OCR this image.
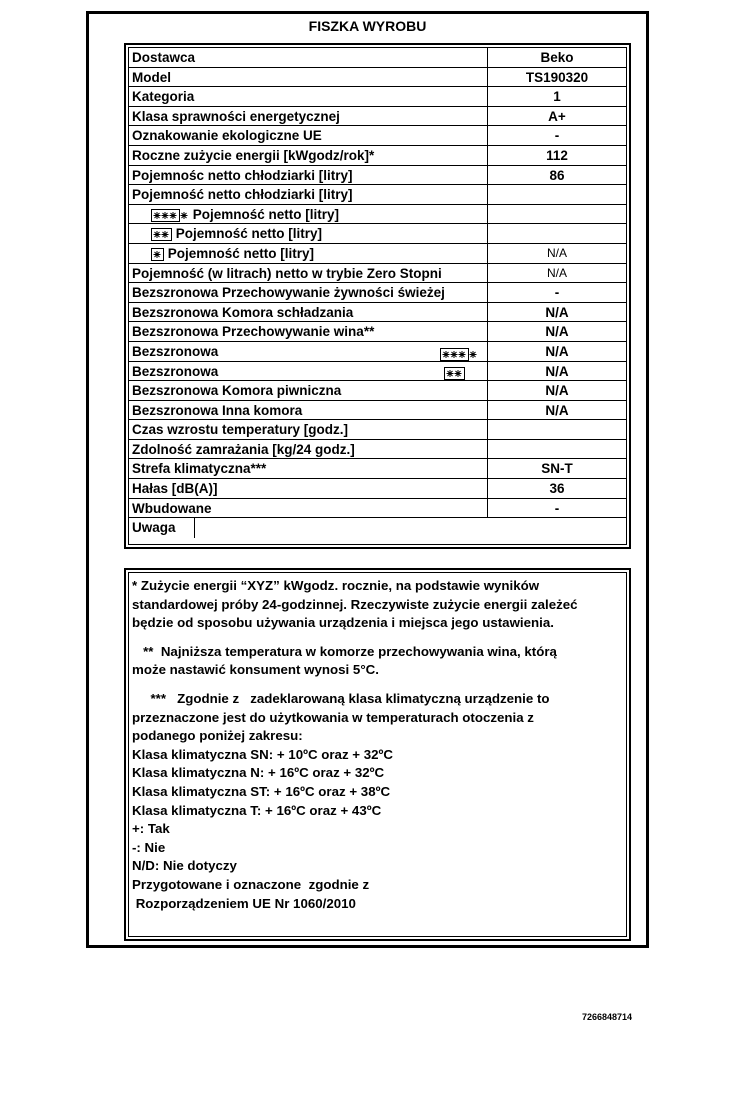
FISZKA WYROBU
Dostawca	Beko
Model	TS190320
Kategoria	1
Klasa sprawności energetycznej	A+
Oznakowanie ekologiczne UE	-
Roczne zużycie energii [kWgodz/rok]*	112
Pojemnośc netto chłodziarki [litry]	86
Pojemność netto chłodziarki [litry]
Pojemność netto [litry]
Pojemność netto [litry]
Pojemność netto [litry]	N/A
Pojemność (w litrach) netto w trybie Zero Stopni	N/A
Bezszronowa Przechowywanie żywności świeżej	-
Bezszronowa Komora schładzania	N/A
Bezszronowa Przechowywanie wina**	N/A
Bezszronowa	N/A
Bezszronowa	N/A
Bezszronowa Komora piwniczna	N/A
Bezszronowa Inna komora	N/A
Czas wzrostu temperatury [godz.]
Zdolność zamrażania [kg/24 godz.]
Strefa klimatyczna***	SN-T
Hałas [dB(A)]	36
Wbudowane	-
Uwaga

* Zużycie energii “XYZ” kWgodz. rocznie, na podstawie wyników

standardowej próby 24-godzinnej. Rzeczywiste zużycie energii zależeć

będzie od sposobu używania urządzenia i miejsca jego ustawienia.

**  Najniższa temperatura w komorze przechowywania wina, którą

może nastawić konsument wynosi 5°C.

***   Zgodnie z   zadeklarowaną klasa klimatyczną urządzenie to

przeznaczone jest do użytkowania w temperaturach otoczenia z

podanego poniżej zakresu:

Klasa klimatyczna SN: + 10ºC oraz + 32ºC

Klasa klimatyczna N: + 16ºC oraz + 32ºC

Klasa klimatyczna ST: + 16ºC oraz + 38ºC

Klasa klimatyczna T: + 16ºC oraz + 43ºC

+: Tak

-: Nie

N/D: Nie dotyczy

Przygotowane i oznaczone  zgodnie z

Rozporządzeniem UE Nr 1060/2010

7266848714
